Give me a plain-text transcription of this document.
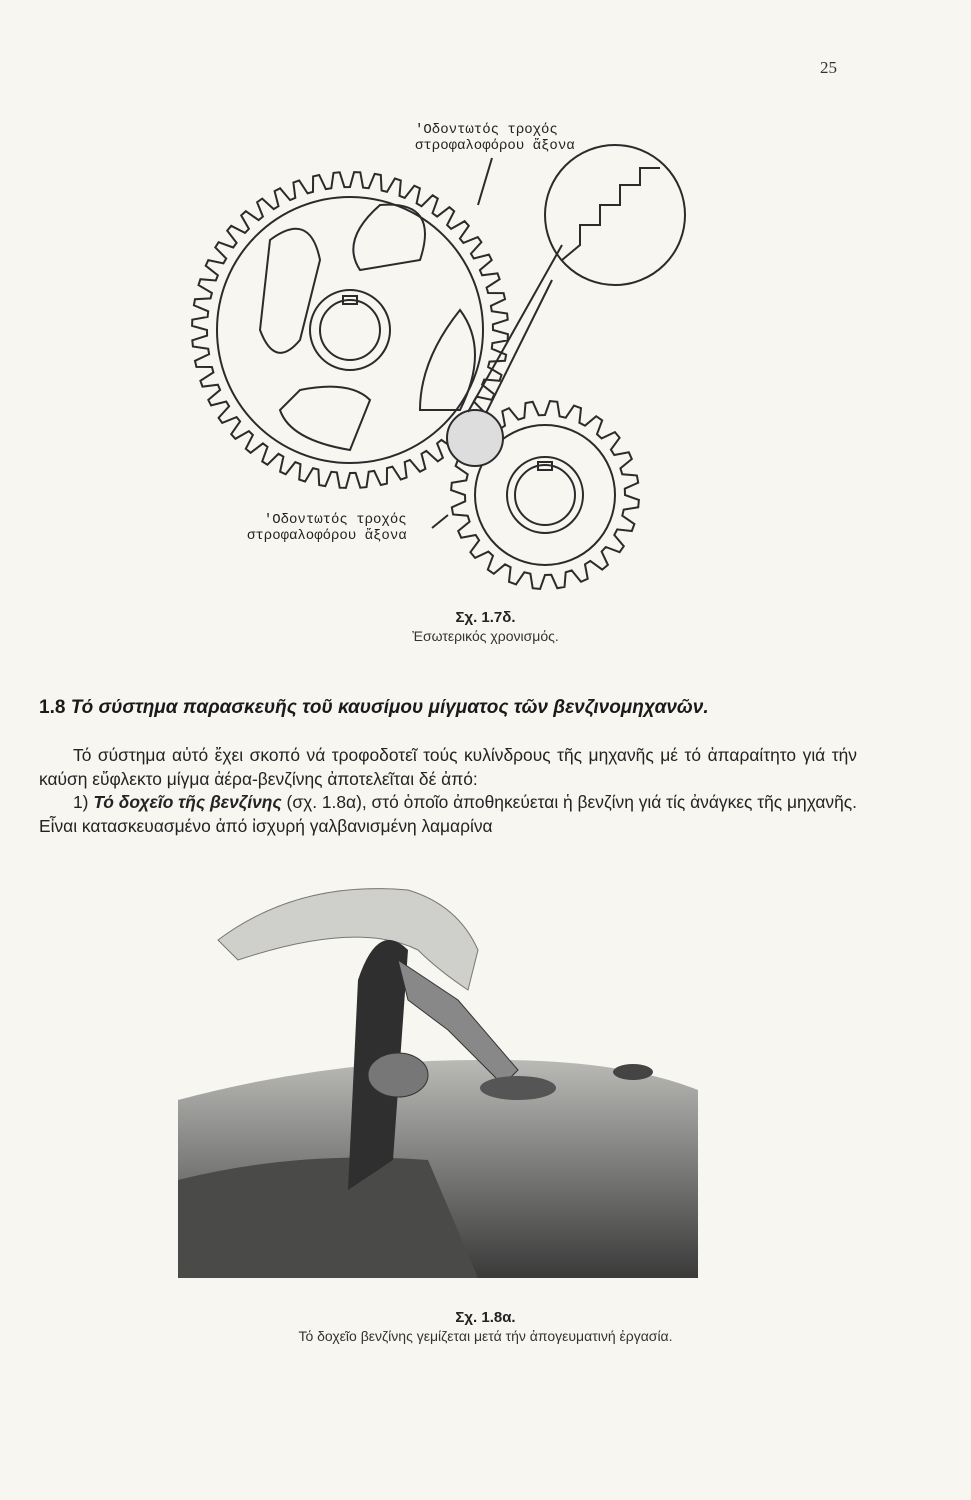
25
'Οδοντωτός τροχός
στροφαλοφόρου ἄξονα
'Οδοντωτός τροχός
στροφαλοφόρου ἄξονα
Σχ. 1.7δ.
Ἐσωτερικός χρονισμός.
1.8 Τό σύστημα παρασκευῆς τοῦ καυσίμου μίγματος τῶν βενζινομηχανῶν.

Τό σύστημα αὐτό ἔχει σκοπό νά τροφοδοτεῖ τούς κυλίνδρους τῆς μηχανῆς μέ τό ἀπαραίτητο γιά τήν καύση εὔφλεκτο μίγμα ἀέρα-βενζίνης ἀποτελεῖται δέ ἀπό:

1) Τό δοχεῖο τῆς βενζίνης (σχ. 1.8α), στό ὁποῖο ἀποθηκεύεται ἡ βενζίνη γιά τίς ἀνάγκες τῆς μηχανῆς. Εἶναι κατασκευασμένο ἀπό ἰσχυρή γαλβανισμένη λαμαρίνα

Σχ. 1.8α.
Τό δοχεῖο βενζίνης γεμίζεται μετά τήν ἀπογευματινή ἐργασία.
